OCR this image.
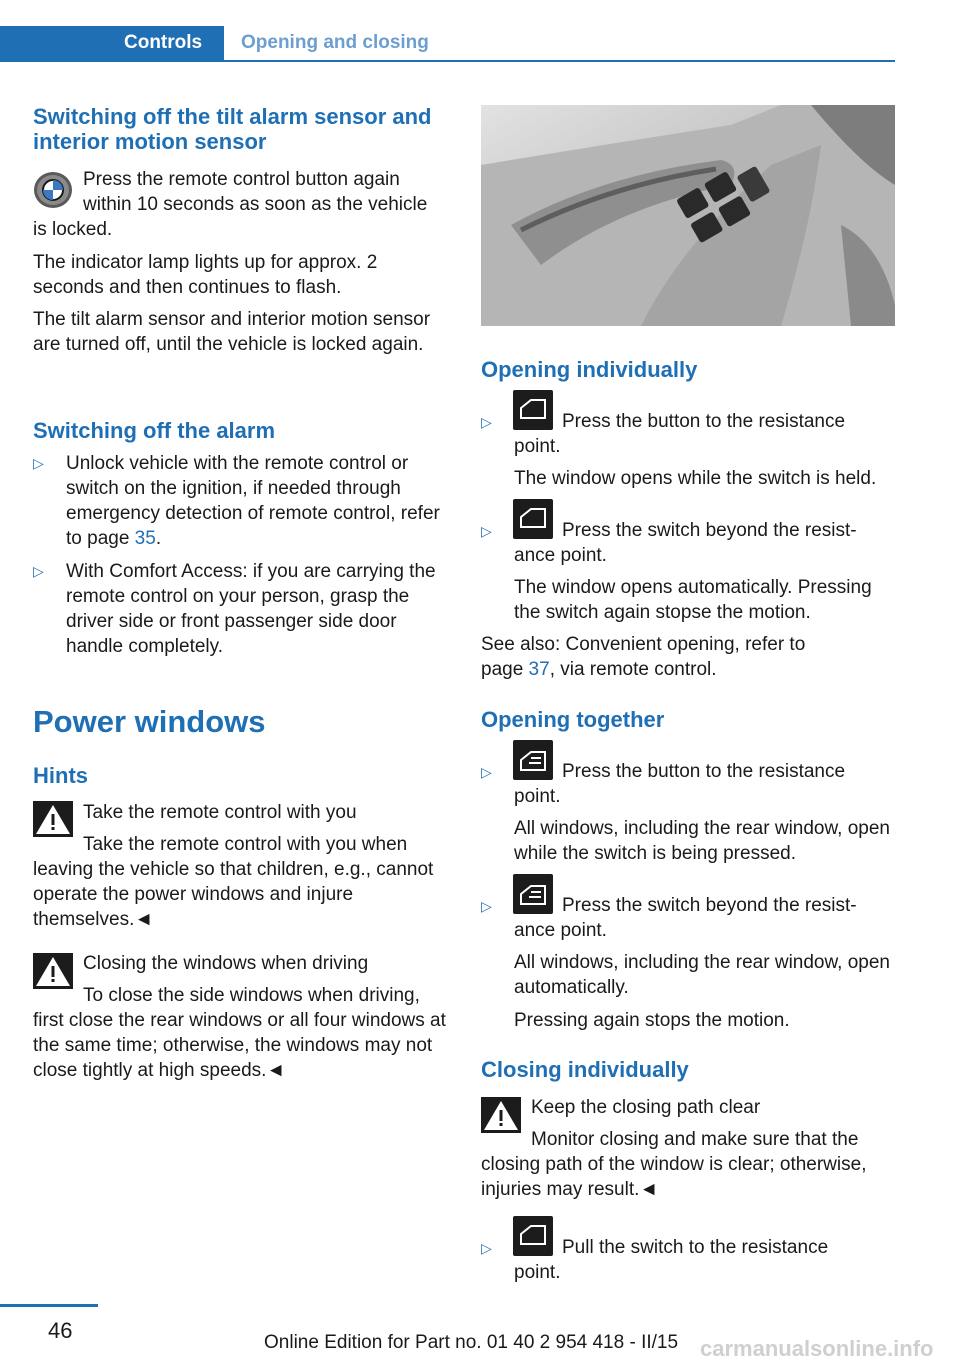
Controls	Opening and closing
Switching off the tilt alarm sensor and interior motion sensor

Press the remote control button again

within 10 seconds as soon as the vehicle

is locked.

The indicator lamp lights up for approx. 2 seconds and then continues to flash.

The tilt alarm sensor and interior motion sensor are turned off, until the vehicle is locked again.

Switching off the alarm
▷ Unlock vehicle with the remote control or switch on the ignition, if needed through emergency detection of remote control, refer to page 35.

▷ With Comfort Access: if you are carrying the remote control on your person, grasp the driver side or front passenger side door handle completely.

Power windows
Hints

Take the remote control with you

Take the remote control with you when

leaving the vehicle so that children, e.g., cannot operate the power windows and injure themselves.◄

Closing the windows when driving

To close the side windows when driving,

first close the rear windows or all four windows at the same time; otherwise, the windows may not close tightly at high speeds.◄

Opening individually
▷	Press the button to the resistance

point.

The window opens while the switch is held.

▷	Press the switch beyond the resist-

ance point.

The window opens automatically. Pressing the switch again stopse the motion.

See also: Convenient opening, refer to page 37, via remote control.

Opening together
▷	Press the button to the resistance

point.

All windows, including the rear window, open while the switch is being pressed.

▷	Press the switch beyond the resist-

ance point.

All windows, including the rear window, open automatically.

Pressing again stops the motion.

Closing individually

Keep the closing path clear

Monitor closing and make sure that the

closing path of the window is clear; otherwise, injuries may result.◄

▷	Pull the switch to the resistance

point.

46	Online Edition for Part no. 01 40 2 954 418 - II/15 carmanualsonline.info
